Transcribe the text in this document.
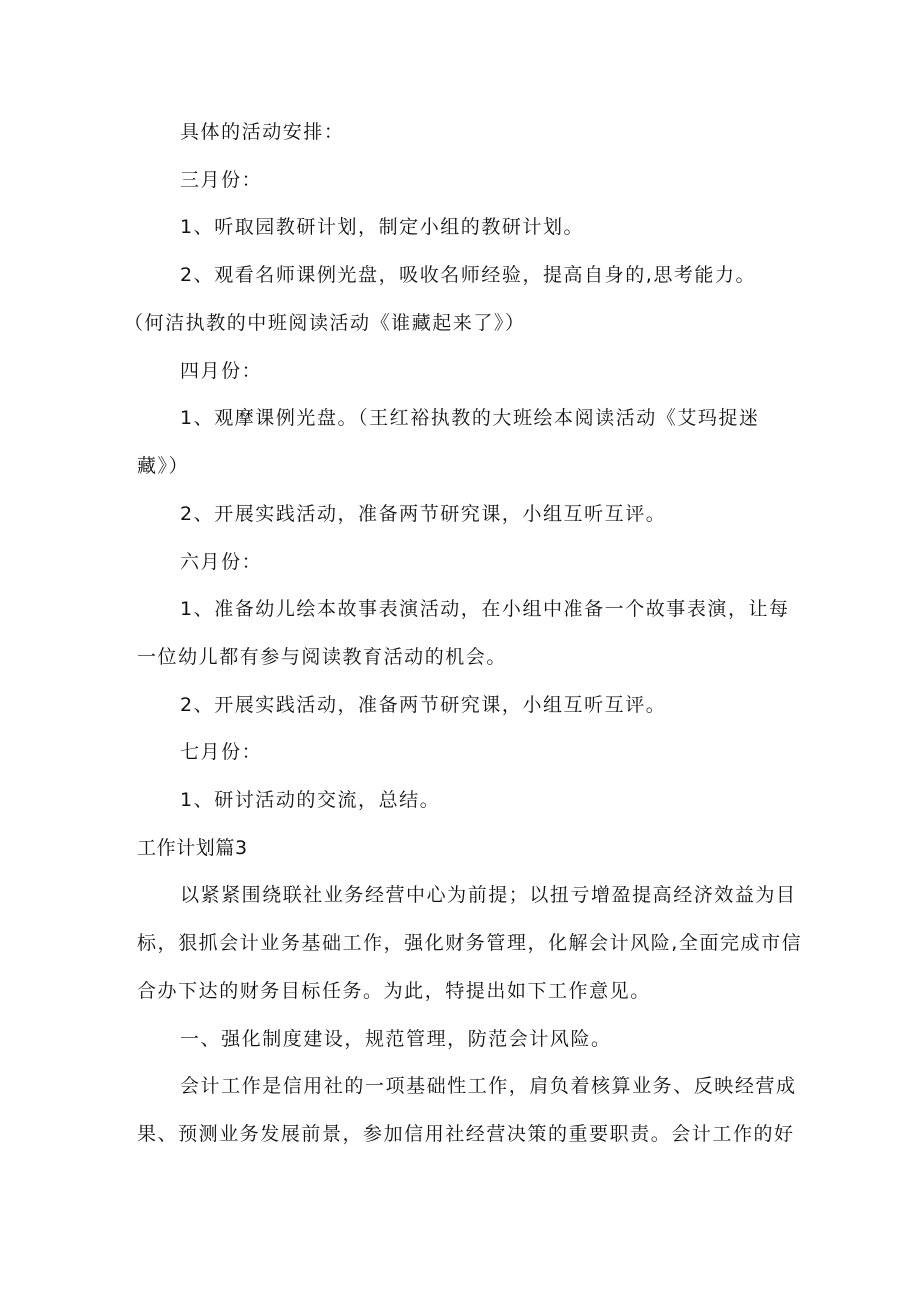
具体的活动安排：
三月份：
1、听取园教研计划，制定小组的教研计划。
2、观看名师课例光盘，吸收名师经验，提高自身的,思考能力。
（何洁执教的中班阅读活动《谁藏起来了》）
四月份：
1、观摩课例光盘。（王红裕执教的大班绘本阅读活动《艾玛捉迷
藏》）
2、开展实践活动，准备两节研究课，小组互听互评。
六月份：
1、准备幼儿绘本故事表演活动，在小组中准备一个故事表演，让每
一位幼儿都有参与阅读教育活动的机会。
2、开展实践活动，准备两节研究课，小组互听互评。
七月份：
1、研讨活动的交流，总结。
工作计划篇3
以紧紧围绕联社业务经营中心为前提；以扭亏增盈提高经济效益为目
标，狠抓会计业务基础工作，强化财务管理，化解会计风险,全面完成市信
合办下达的财务目标任务。为此，特提出如下工作意见。
一、强化制度建设，规范管理，防范会计风险。
会计工作是信用社的一项基础性工作，肩负着核算业务、反映经营成
果、预测业务发展前景，参加信用社经营决策的重要职责。会计工作的好
